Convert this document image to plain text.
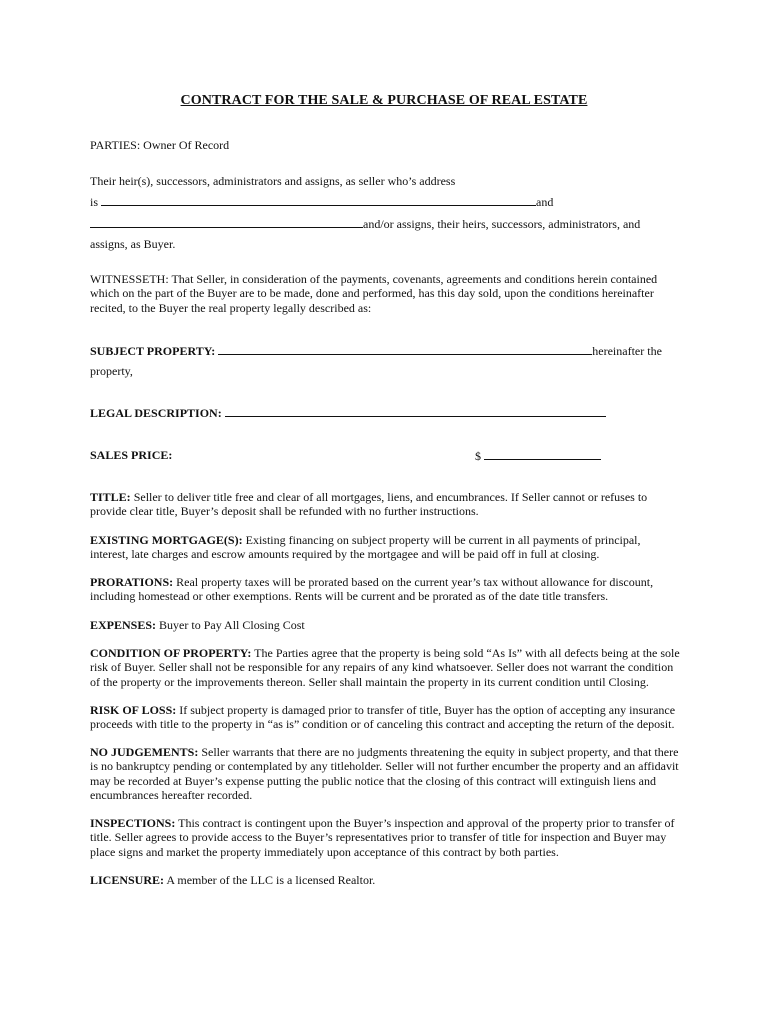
CONTRACT FOR THE SALE & PURCHASE OF REAL ESTATE
PARTIES: Owner Of Record
Their heir(s), successors, administrators and assigns, as seller who’s address
is	and
and/or assigns, their heirs, successors, administrators, and
assigns, as Buyer.
WITNESSETH: That Seller, in consideration of the payments, covenants, agreements and conditions herein contained which on the part of the Buyer are to be made, done and performed, has this day sold, upon the conditions hereinafter recited, to the Buyer the real property legally described as:
SUBJECT PROPERTY:	hereinafter the
property,
LEGAL DESCRIPTION:
SALES PRICE:	$
TITLE: Seller to deliver title free and clear of all mortgages, liens, and encumbrances. If Seller cannot or refuses to provide clear title, Buyer’s deposit shall be refunded with no further instructions.
EXISTING MORTGAGE(S): Existing financing on subject property will be current in all payments of principal, interest, late charges and escrow amounts required by the mortgagee and will be paid off in full at closing.
PRORATIONS: Real property taxes will be prorated based on the current year’s tax without allowance for discount, including homestead or other exemptions. Rents will be current and be prorated as of the date title transfers.
EXPENSES: Buyer to Pay All Closing Cost
CONDITION OF PROPERTY: The Parties agree that the property is being sold “As Is” with all defects being at the sole risk of Buyer. Seller shall not be responsible for any repairs of any kind whatsoever. Seller does not warrant the condition of the property or the improvements thereon. Seller shall maintain the property in its current condition until Closing.
RISK OF LOSS: If subject property is damaged prior to transfer of title, Buyer has the option of accepting any insurance proceeds with title to the property in “as is” condition or of canceling this contract and accepting the return of the deposit.
NO JUDGEMENTS: Seller warrants that there are no judgments threatening the equity in subject property, and that there is no bankruptcy pending or contemplated by any titleholder. Seller will not further encumber the property and an affidavit may be recorded at Buyer’s expense putting the public notice that the closing of this contract will extinguish liens and encumbrances hereafter recorded.
INSPECTIONS: This contract is contingent upon the Buyer’s inspection and approval of the property prior to transfer of title. Seller agrees to provide access to the Buyer’s representatives prior to transfer of title for inspection and Buyer may place signs and market the property immediately upon acceptance of this contract by both parties.
LICENSURE: A member of the LLC is a licensed Realtor.
